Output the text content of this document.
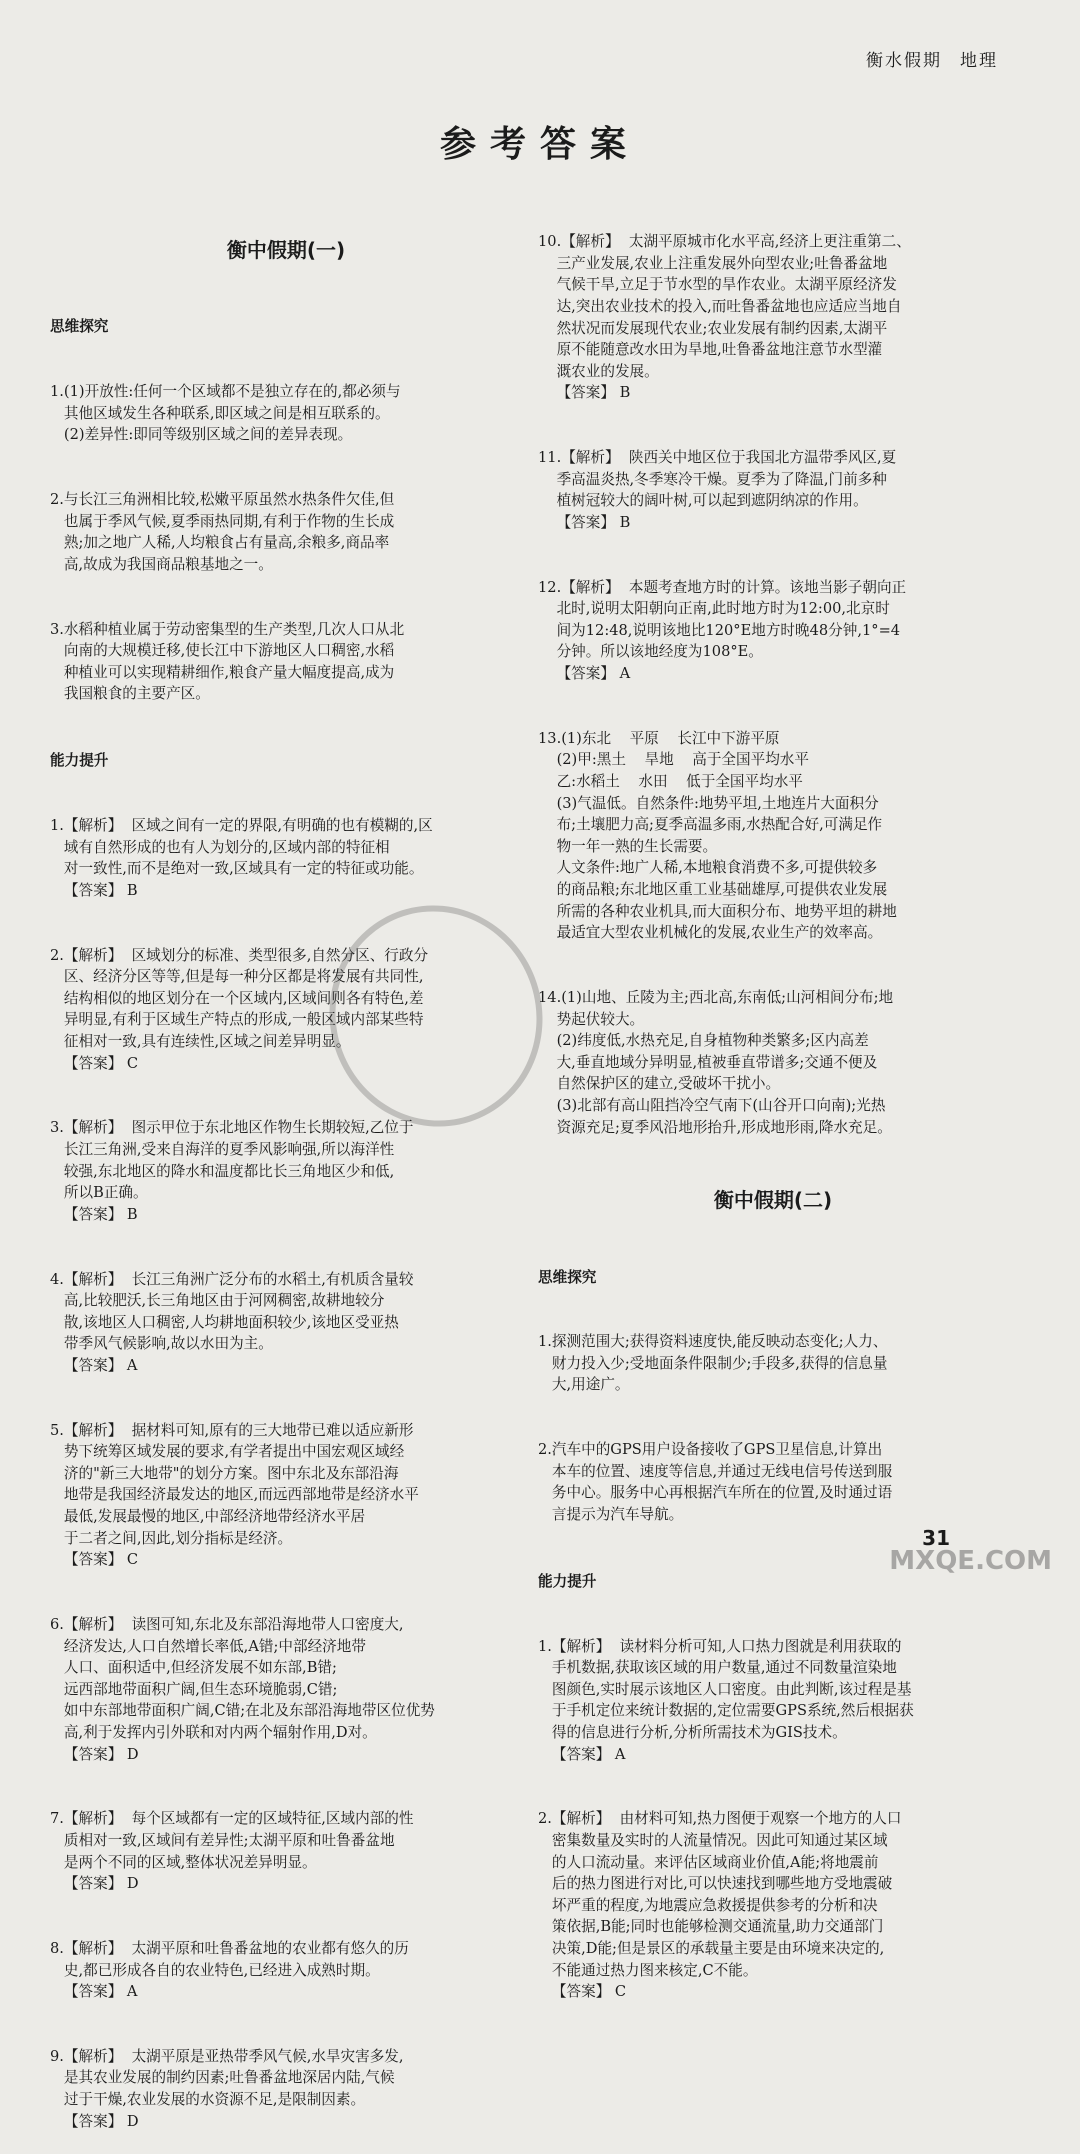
衡水假期 地理
参考答案

衡中假期(一)

思维探究

1.(1)开放性:任何一个区域都不是独立存在的,都必须与
其他区域发生各种联系,即区域之间是相互联系的。
(2)差异性:即同等级别区域之间的差异表现。

2.与长江三角洲相比较,松嫩平原虽然水热条件欠佳,但
也属于季风气候,夏季雨热同期,有利于作物的生长成
熟;加之地广人稀,人均粮食占有量高,余粮多,商品率
高,故成为我国商品粮基地之一。

3.水稻种植业属于劳动密集型的生产类型,几次人口从北
向南的大规模迁移,使长江中下游地区人口稠密,水稻
种植业可以实现精耕细作,粮食产量大幅度提高,成为
我国粮食的主要产区。

能力提升

1.【解析】  区域之间有一定的界限,有明确的也有模糊的,区
域有自然形成的也有人为划分的,区域内部的特征相
对一致性,而不是绝对一致,区域具有一定的特征或功能。
【答案】 B

2.【解析】  区域划分的标准、类型很多,自然分区、行政分
区、经济分区等等,但是每一种分区都是将发展有共同性,
结构相似的地区划分在一个区域内,区域间则各有特色,差
异明显,有利于区域生产特点的形成,一般区域内部某些特
征相对一致,具有连续性,区域之间差异明显。
【答案】 C

3.【解析】  图示甲位于东北地区作物生长期较短,乙位于
长江三角洲,受来自海洋的夏季风影响强,所以海洋性
较强,东北地区的降水和温度都比长三角地区少和低,
所以B正确。
【答案】 B

4.【解析】  长江三角洲广泛分布的水稻土,有机质含量较
高,比较肥沃,长三角地区由于河网稠密,故耕地较分
散,该地区人口稠密,人均耕地面积较少,该地区受亚热
带季风气候影响,故以水田为主。
【答案】 A

5.【解析】  据材料可知,原有的三大地带已难以适应新形
势下统筹区域发展的要求,有学者提出中国宏观区域经
济的"新三大地带"的划分方案。图中东北及东部沿海
地带是我国经济最发达的地区,而远西部地带是经济水平
最低,发展最慢的地区,中部经济地带经济水平居
于二者之间,因此,划分指标是经济。
【答案】 C

6.【解析】  读图可知,东北及东部沿海地带人口密度大,
经济发达,人口自然增长率低,A错;中部经济地带
人口、面积适中,但经济发展不如东部,B错;
远西部地带面积广阔,但生态环境脆弱,C错;
如中东部地带面积广阔,C错;在北及东部沿海地带区位优势
高,利于发挥内引外联和对内两个辐射作用,D对。
【答案】 D

7.【解析】  每个区域都有一定的区域特征,区域内部的性
质相对一致,区域间有差异性;太湖平原和吐鲁番盆地
是两个不同的区域,整体状况差异明显。
【答案】 D

8.【解析】  太湖平原和吐鲁番盆地的农业都有悠久的历
史,都已形成各自的农业特色,已经进入成熟时期。
【答案】 A

9.【解析】  太湖平原是亚热带季风气候,水旱灾害多发,
是其农业发展的制约因素;吐鲁番盆地深居内陆,气候
过于干燥,农业发展的水资源不足,是限制因素。
【答案】 D

10.【解析】  太湖平原城市化水平高,经济上更注重第二、
三产业发展,农业上注重发展外向型农业;吐鲁番盆地
气候干旱,立足于节水型的旱作农业。太湖平原经济发
达,突出农业技术的投入,而吐鲁番盆地也应适应当地自
然状况而发展现代农业;农业发展有制约因素,太湖平
原不能随意改水田为旱地,吐鲁番盆地注意节水型灌
溉农业的发展。
【答案】 B

11.【解析】  陕西关中地区位于我国北方温带季风区,夏
季高温炎热,冬季寒冷干燥。夏季为了降温,门前多种
植树冠较大的阔叶树,可以起到遮阴纳凉的作用。
【答案】 B

12.【解析】  本题考查地方时的计算。该地当影子朝向正
北时,说明太阳朝向正南,此时地方时为12:00,北京时
间为12:48,说明该地比120°E地方时晚48分钟,1°=4
分钟。所以该地经度为108°E。
【答案】 A

13.(1)东北    平原    长江中下游平原
(2)甲:黑土    旱地    高于全国平均水平
乙:水稻土    水田    低于全国平均水平
(3)气温低。自然条件:地势平坦,土地连片大面积分
布;土壤肥力高;夏季高温多雨,水热配合好,可满足作
物一年一熟的生长需要。
人文条件:地广人稀,本地粮食消费不多,可提供较多
的商品粮;东北地区重工业基础雄厚,可提供农业发展
所需的各种农业机具,而大面积分布、地势平坦的耕地
最适宜大型农业机械化的发展,农业生产的效率高。

14.(1)山地、丘陵为主;西北高,东南低;山河相间分布;地
势起伏较大。
(2)纬度低,水热充足,自身植物种类繁多;区内高差
大,垂直地域分异明显,植被垂直带谱多;交通不便及
自然保护区的建立,受破坏干扰小。
(3)北部有高山阻挡冷空气南下(山谷开口向南);光热
资源充足;夏季风沿地形抬升,形成地形雨,降水充足。

衡中假期(二)

思维探究

1.探测范围大;获得资料速度快,能反映动态变化;人力、
财力投入少;受地面条件限制少;手段多,获得的信息量
大,用途广。

2.汽车中的GPS用户设备接收了GPS卫星信息,计算出
本车的位置、速度等信息,并通过无线电信号传送到服
务中心。服务中心再根据汽车所在的位置,及时通过语
言提示为汽车导航。

能力提升

1.【解析】  读材料分析可知,人口热力图就是利用获取的
手机数据,获取该区域的用户数量,通过不同数量渲染地
图颜色,实时展示该地区人口密度。由此判断,该过程是基
于手机定位来统计数据的,定位需要GPS系统,然后根据获
得的信息进行分析,分析所需技术为GIS技术。
【答案】 A

2.【解析】  由材料可知,热力图便于观察一个地方的人口
密集数量及实时的人流量情况。因此可知通过某区域
的人口流动量。来评估区域商业价值,A能;将地震前
后的热力图进行对比,可以快速找到哪些地方受地震破
坏严重的程度,为地震应急救援提供参考的分析和决
策依据,B能;同时也能够检测交通流量,助力交通部门
决策,D能;但是景区的承载量主要是由环境来决定的,
不能通过热力图来核定,C不能。
【答案】 C

31
MXQE.COM
